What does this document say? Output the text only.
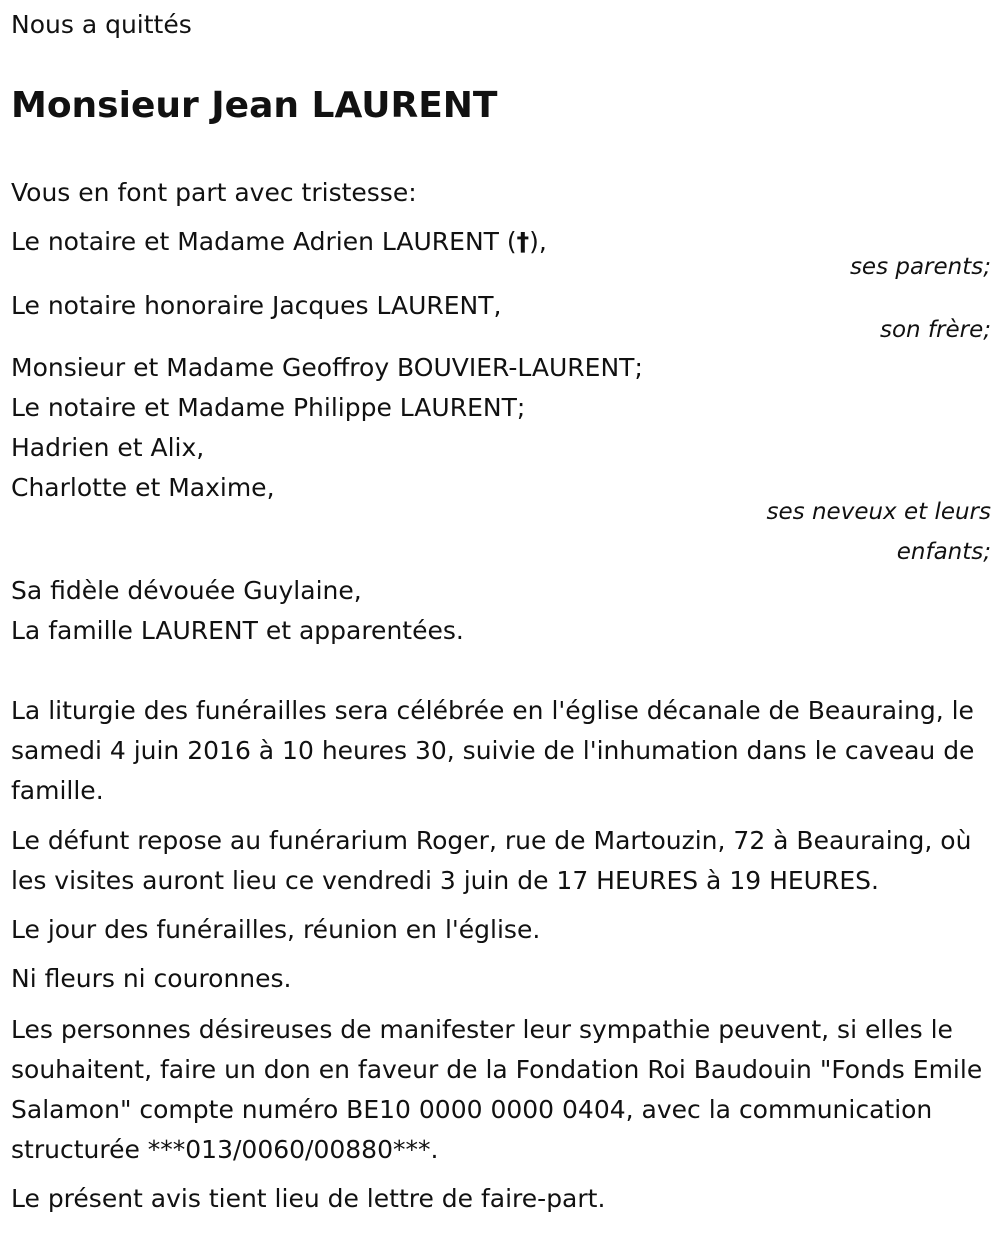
Nous a quittés
Monsieur Jean LAURENT
Vous en font part avec tristesse:
Le notaire et Madame Adrien LAURENT (†),
ses parents;
Le notaire honoraire Jacques LAURENT,
son frère;
Monsieur et Madame Geoffroy BOUVIER-LAURENT;
Le notaire et Madame Philippe LAURENT;
Hadrien et Alix,
Charlotte et Maxime,
ses neveux et leurs
enfants;
Sa fidèle dévouée Guylaine,
La famille LAURENT et apparentées.
La liturgie des funérailles sera célébrée en l'église décanale de Beauraing, le samedi 4 juin 2016 à 10 heures 30, suivie de l'inhumation dans le caveau de famille.
Le défunt repose au funérarium Roger, rue de Martouzin, 72 à Beauraing, où les visites auront lieu ce vendredi 3 juin de 17 HEURES à 19 HEURES.
Le jour des funérailles, réunion en l'église.
Ni fleurs ni couronnes.
Les personnes désireuses de manifester leur sympathie peuvent, si elles le souhaitent, faire un don en faveur de la Fondation Roi Baudouin "Fonds Emile Salamon" compte numéro BE10 0000 0000 0404, avec la communication structurée ***013/0060/00880***.
Le présent avis tient lieu de lettre de faire-part.
